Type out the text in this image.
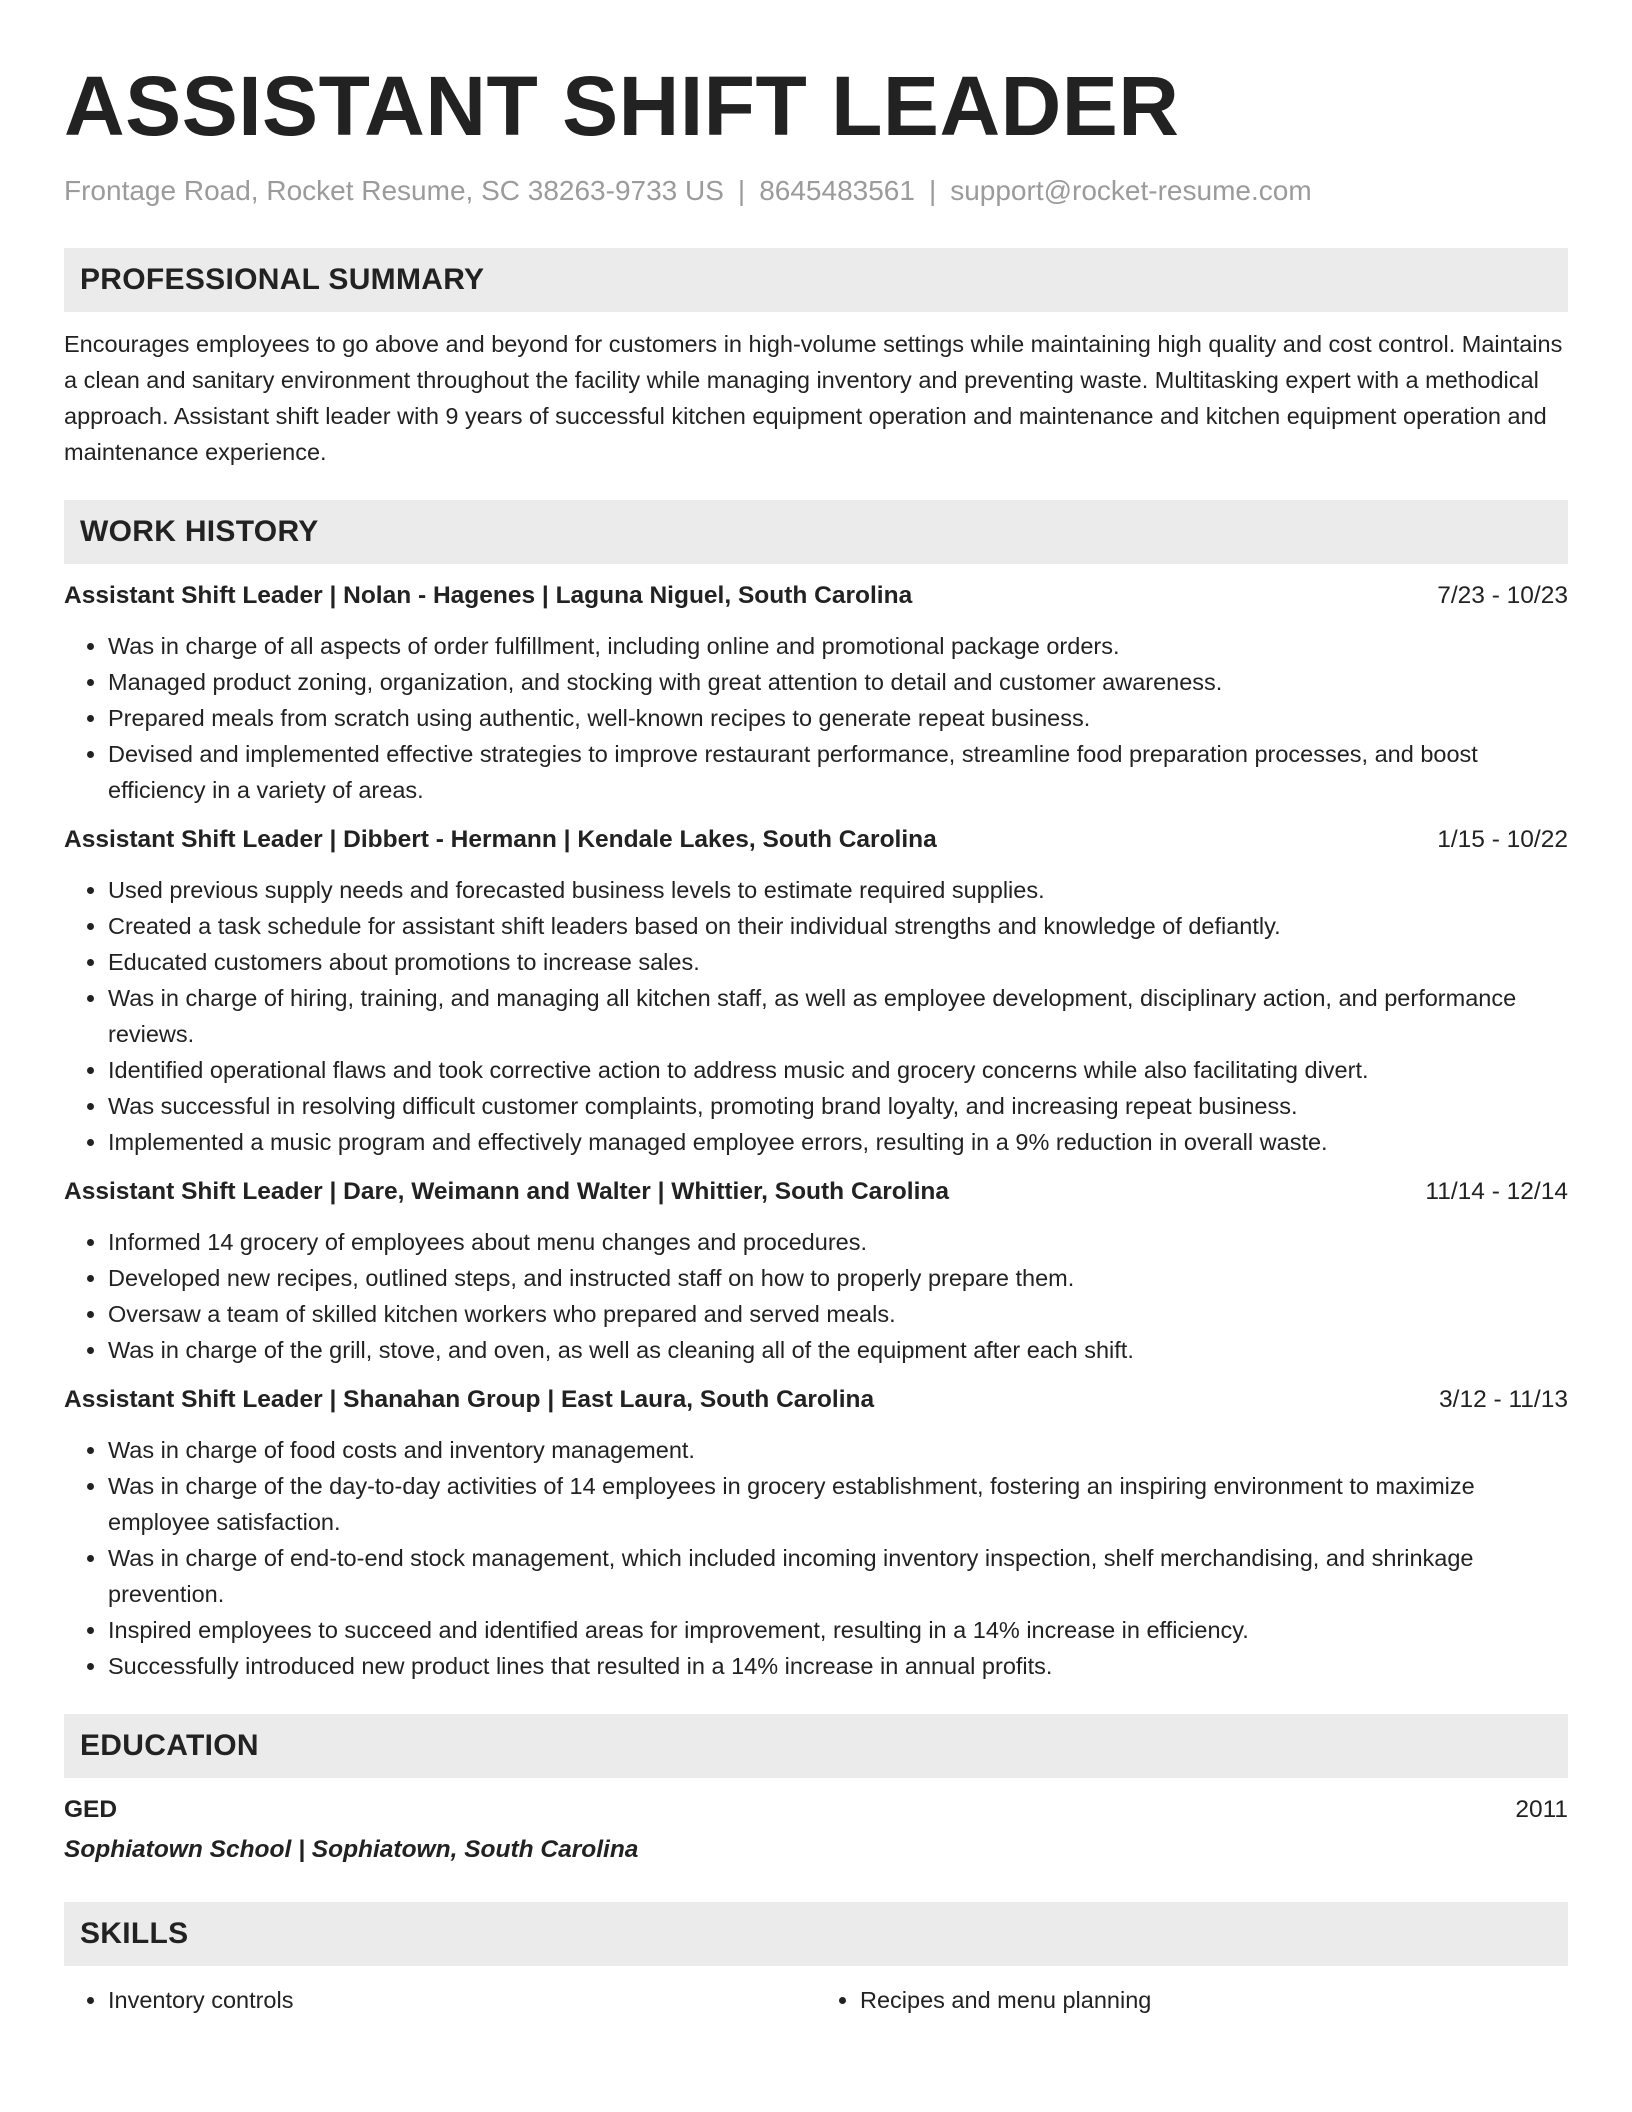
ASSISTANT SHIFT LEADER
Frontage Road, Rocket Resume, SC 38263-9733 US | 8645483561 | support@rocket-resume.com
PROFESSIONAL SUMMARY

Encourages employees to go above and beyond for customers in high-volume settings while maintaining high quality and cost control. Maintains a clean and sanitary environment throughout the facility while managing inventory and preventing waste. Multitasking expert with a methodical approach. Assistant shift leader with 9 years of successful kitchen equipment operation and maintenance and kitchen equipment operation and maintenance experience.

WORK HISTORY
Assistant Shift Leader | Nolan - Hagenes | Laguna Niguel, South Carolina	7/23 - 10/23
• Was in charge of all aspects of order fulfillment, including online and promotional package orders.
• Managed product zoning, organization, and stocking with great attention to detail and customer awareness.
• Prepared meals from scratch using authentic, well-known recipes to generate repeat business.
• Devised and implemented effective strategies to improve restaurant performance, streamline food preparation processes, and boost efficiency in a variety of areas.
Assistant Shift Leader | Dibbert - Hermann | Kendale Lakes, South Carolina	1/15 - 10/22
• Used previous supply needs and forecasted business levels to estimate required supplies.
• Created a task schedule for assistant shift leaders based on their individual strengths and knowledge of defiantly.
• Educated customers about promotions to increase sales.
• Was in charge of hiring, training, and managing all kitchen staff, as well as employee development, disciplinary action, and performance reviews.
• Identified operational flaws and took corrective action to address music and grocery concerns while also facilitating divert.
• Was successful in resolving difficult customer complaints, promoting brand loyalty, and increasing repeat business.
• Implemented a music program and effectively managed employee errors, resulting in a 9% reduction in overall waste.
Assistant Shift Leader | Dare, Weimann and Walter | Whittier, South Carolina	11/14 - 12/14
• Informed 14 grocery of employees about menu changes and procedures.
• Developed new recipes, outlined steps, and instructed staff on how to properly prepare them.
• Oversaw a team of skilled kitchen workers who prepared and served meals.
• Was in charge of the grill, stove, and oven, as well as cleaning all of the equipment after each shift.
Assistant Shift Leader | Shanahan Group | East Laura, South Carolina	3/12 - 11/13
• Was in charge of food costs and inventory management.
• Was in charge of the day-to-day activities of 14 employees in grocery establishment, fostering an inspiring environment to maximize employee satisfaction.
• Was in charge of end-to-end stock management, which included incoming inventory inspection, shelf merchandising, and shrinkage prevention.
• Inspired employees to succeed and identified areas for improvement, resulting in a 14% increase in efficiency.
• Successfully introduced new product lines that resulted in a 14% increase in annual profits.
EDUCATION
GED	2011
Sophiatown School | Sophiatown, South Carolina
SKILLS
• Inventory controls
•	Recipes and menu planning
